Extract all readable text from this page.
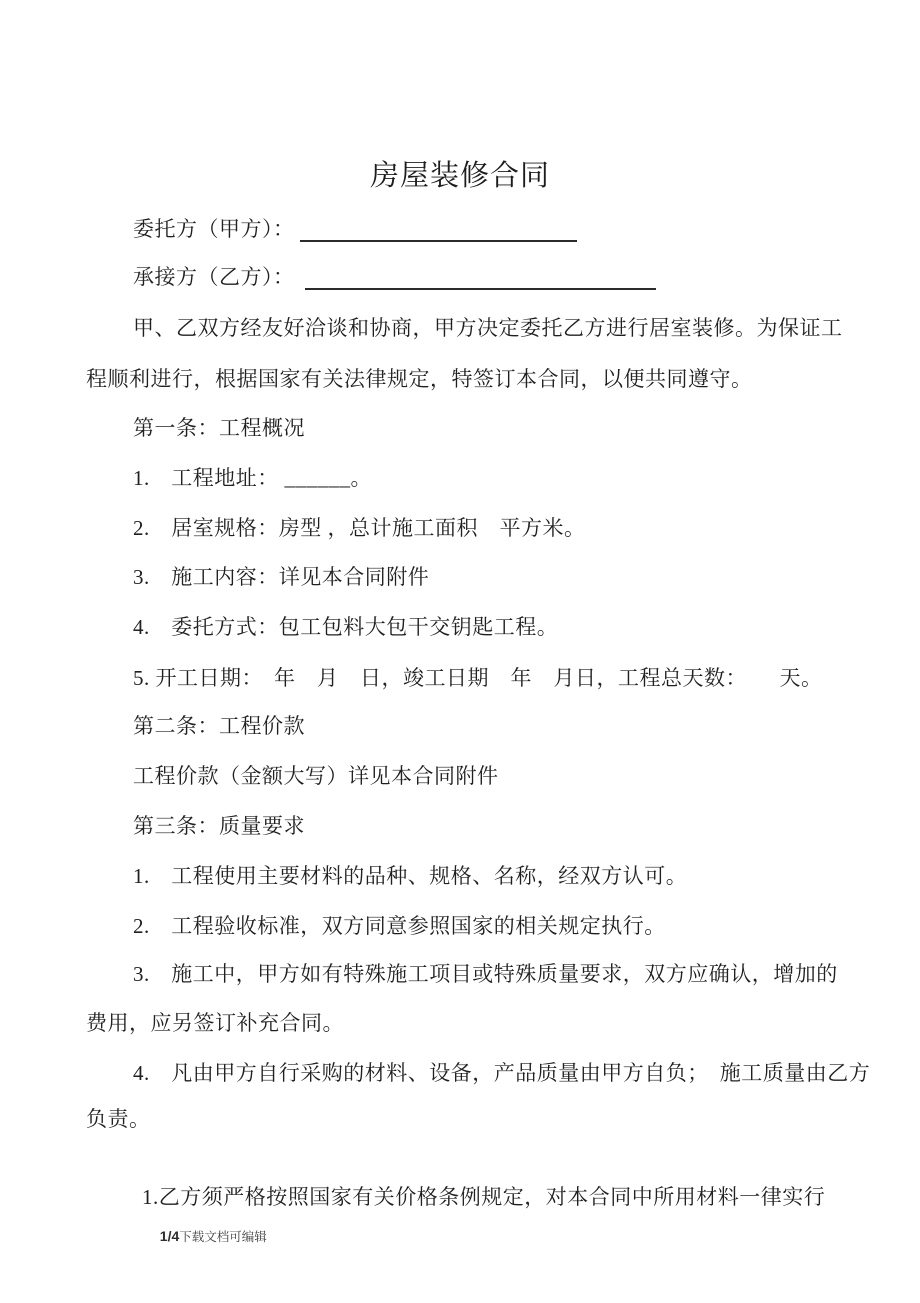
房屋装修合同

1/4下载文档可编辑

委托方（甲方）：
承接方（乙方）：
甲、乙双方经友好洽谈和协商，甲方决定委托乙方进行居室装修。为保证工
程顺利进行，根据国家有关法律规定，特签订本合同，以便共同遵守。
第一条：工程概况
1.　工程地址： ______。
2.　居室规格：房型 ，总计施工面积　平方米。
3.　施工内容：详见本合同附件
4.　委托方式：包工包料大包干交钥匙工程。
5. 开工日期：　年　月　日，竣工日期　年　月日，工程总天数：　　天。
第二条：工程价款
工程价款（金额大写）详见本合同附件
第三条：质量要求
1.　工程使用主要材料的品种、规格、名称，经双方认可。
2.　工程验收标准，双方同意参照国家的相关规定执行。
3.　施工中，甲方如有特殊施工项目或特殊质量要求，双方应确认，增加的
费用，应另签订补充合同。
4.　凡由甲方自行采购的材料、设备，产品质量由甲方自负；　施工质量由乙方
负责。
1.乙方须严格按照国家有关价格条例规定，对本合同中所用材料一律实行
